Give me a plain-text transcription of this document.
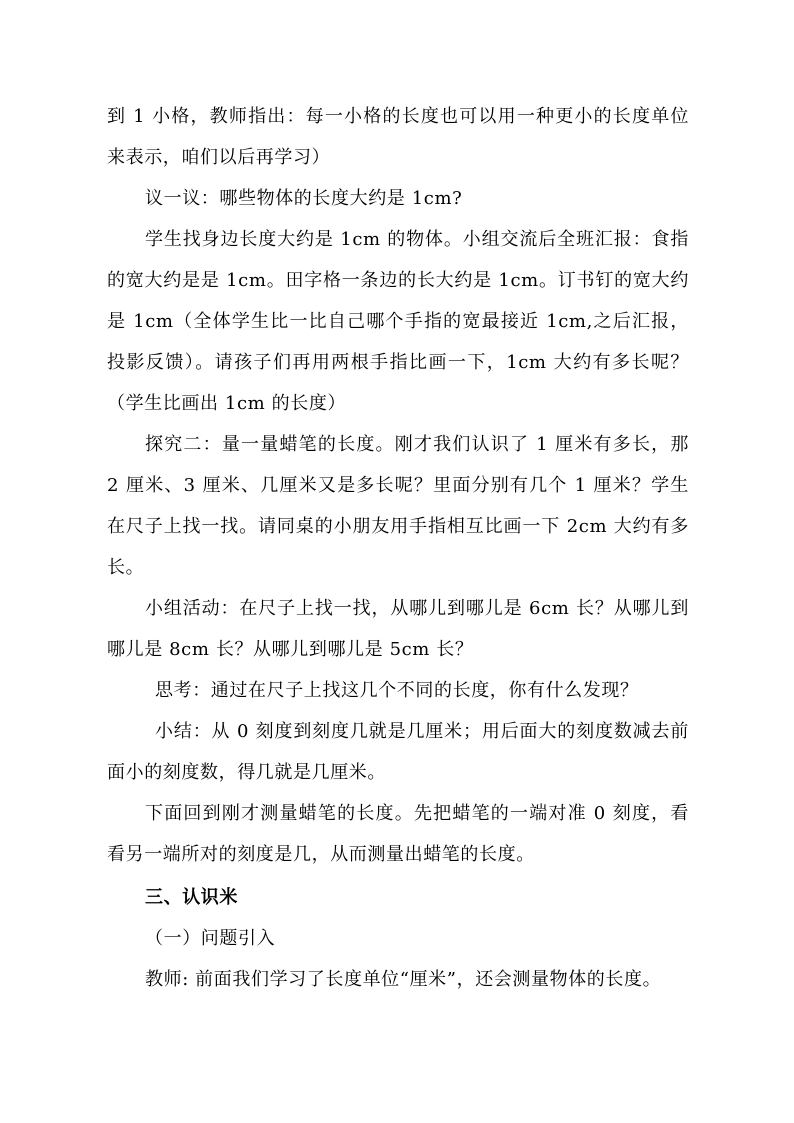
到 1 小格，教师指出：每一小格的长度也可以用一种更小的长度单位来表示，咱们以后再学习）

议一议：哪些物体的长度大约是 1cm?

学生找身边长度大约是 1cm 的物体。小组交流后全班汇报：食指的宽大约是是 1cm。田字格一条边的长大约是 1cm。订书钉的宽大约是 1cm（全体学生比一比自己哪个手指的宽最接近 1cm,之后汇报，投影反馈）。请孩子们再用两根手指比画一下，1cm 大约有多长呢？（学生比画出 1cm 的长度）

探究二：量一量蜡笔的长度。刚才我们认识了 1 厘米有多长，那 2 厘米、3 厘米、几厘米又是多长呢？里面分别有几个 1 厘米？学生在尺子上找一找。请同桌的小朋友用手指相互比画一下 2cm 大约有多长。

小组活动：在尺子上找一找，从哪儿到哪儿是 6cm 长？从哪儿到哪儿是 8cm 长？从哪儿到哪儿是 5cm 长？

思考：通过在尺子上找这几个不同的长度，你有什么发现？

小结：从 0 刻度到刻度几就是几厘米；用后面大的刻度数减去前面小的刻度数，得几就是几厘米。

下面回到刚才测量蜡笔的长度。先把蜡笔的一端对准 0 刻度，看看另一端所对的刻度是几，从而测量出蜡笔的长度。

三、认识米

（一）问题引入

教师: 前面我们学习了长度单位“厘米”，还会测量物体的长度。
